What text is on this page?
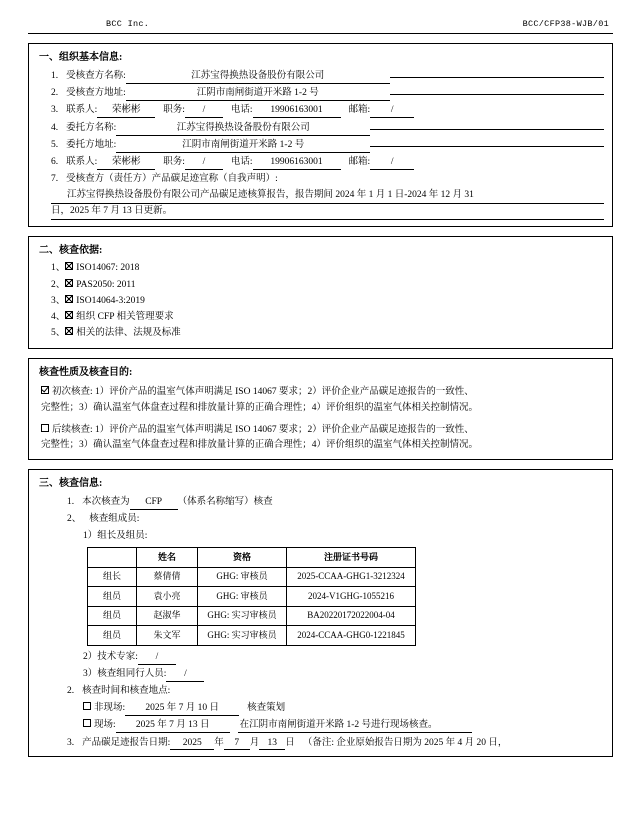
BCC Inc.	BCC/CFP38-WJB/01
一、组织基本信息:
1. 受核查方名称:	江苏宝得换热设备股份有限公司
2. 受核查方地址:	江阴市南闸街道开米路 1-2 号
3. 联系人:	荣彬彬	职务:	/	电话:	19906163001	邮箱:	/
4. 委托方名称:	江苏宝得换热设备股份有限公司
5. 委托方地址:	江阴市南闸街道开米路 1-2 号
6. 联系人:	荣彬彬	职务:	/	电话:	19906163001	邮箱:	/
7. 受核查方（责任方）产品碳足迹宣称（自我声明）:
江苏宝得换热设备股份有限公司产品碳足迹核算报告，报告期间 2024 年 1 月 1 日-2024 年 12 月 31
日，2025 年 7 月 13 日更新。
二、核查依据:
1、 ISO14067: 2018
2、 PAS2050: 2011
3、 ISO14064-3:2019
4、 组织 CFP 相关管理要求
5、 相关的法律、法规及标准
核查性质及核查目的:
初次核查: 1）评价产品的温室气体声明满足 ISO 14067 要求；2）评价企业产品碳足迹报告的一致性、
完整性；3）确认温室气体盘查过程和排放量计算的正确合理性；4）评价组织的温室气体相关控制情况。
后续核查: 1）评价产品的温室气体声明满足 ISO 14067 要求；2）评价企业产品碳足迹报告的一致性、
完整性；3）确认温室气体盘查过程和排放量计算的正确合理性；4）评价组织的温室气体相关控制情况。
三、核查信息:
1. 本次核查为	CFP	（体系名称缩写）核查
2、 核查组成员:
1）组长及组员:
	姓名	资格	注册证书号码
组长	蔡倩倩	GHG: 审核员	2025-CCAA-GHG1-3212324
组员	袁小亮	GHG: 审核员	2024-V1GHG-1055216
组员	赵淑华	GHG: 实习审核员	BA20220172022004-04
组员	朱文军	GHG: 实习审核员	2024-CCAA-GHG0-1221845
2）技术专家:	/
3）核查组同行人员:	/
2. 核查时间和核查地点:
非现场:	2025 年 7 月 10 日	核查策划
现场:	2025 年 7 月 13 日	在江阴市南闸街道开米路 1-2 号进行现场核查。
3. 产品碳足迹报告日期:	2025	年	7	月 13 日 （备注: 企业原始报告日期为 2025 年 4 月 20 日，
